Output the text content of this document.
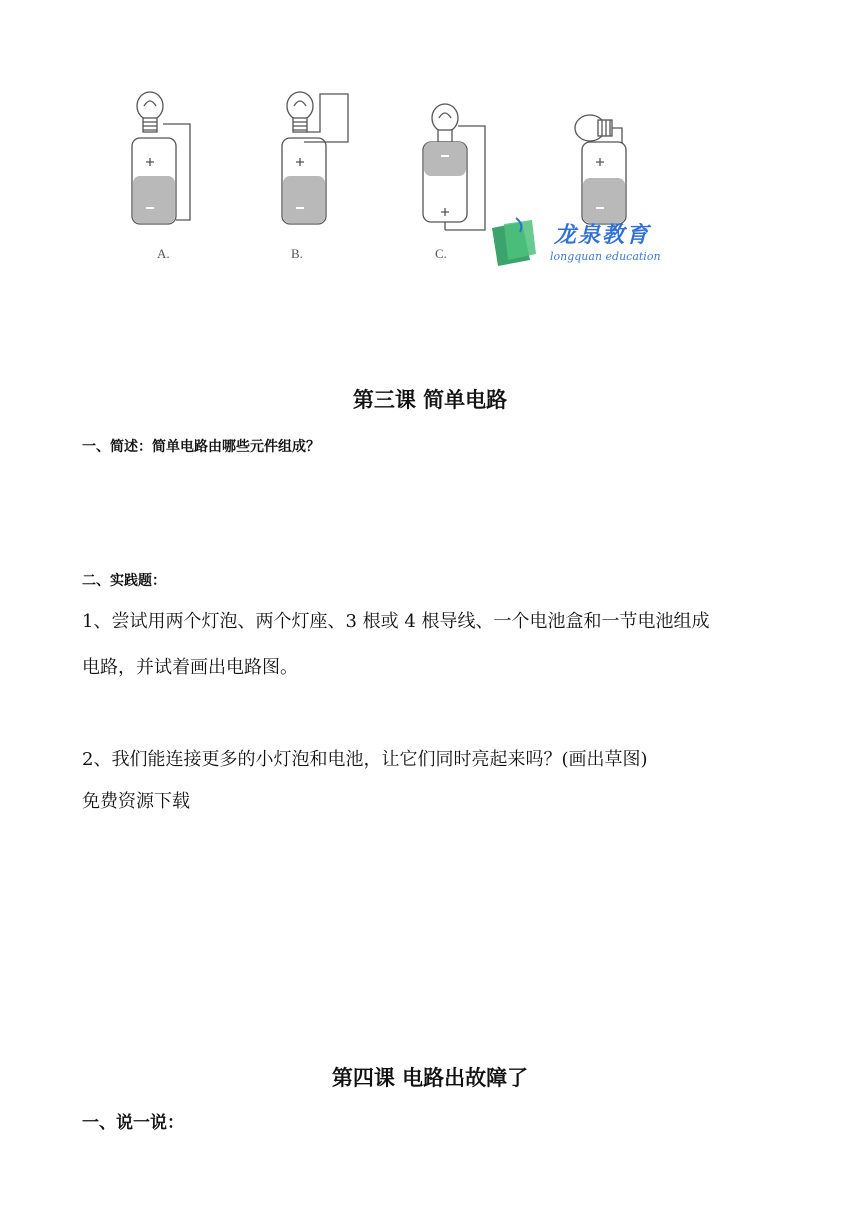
A.	B.	C.
龙泉教育
longquan education
第三课 简单电路
一、简述：简单电路由哪些元件组成？
二、实践题：
1、尝试用两个灯泡、两个灯座、3 根或 4 根导线、一个电池盒和一节电池组成
电路，并试着画出电路图。
2、我们能连接更多的小灯泡和电池，让它们同时亮起来吗？(画出草图)
免费资源下载
第四课 电路出故障了
一、说一说：
